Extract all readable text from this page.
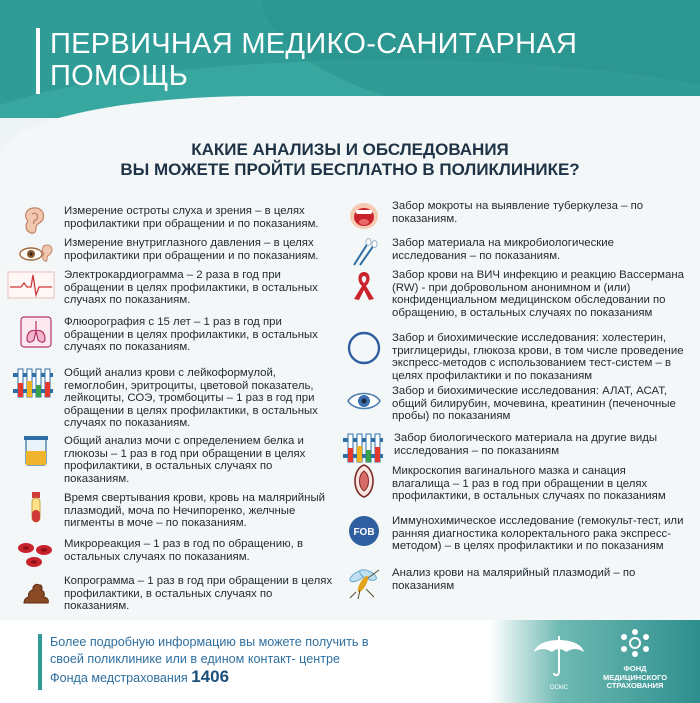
ПЕРВИЧНАЯ МЕДИКО-САНИТАРНАЯ
ПОМОЩЬ
КАКИЕ АНАЛИЗЫ И ОБСЛЕДОВАНИЯ
ВЫ МОЖЕТЕ ПРОЙТИ БЕСПЛАТНО В ПОЛИКЛИНИКЕ?
Измерение остроты слуха и зрения – в целях профилактики при обращении и по показаниям.
Измерение внутриглазного давления – в целях профилактики при обращении и по показаниям.
Электрокардиограмма – 2 раза в год при обращении в целях профилактики, в остальных случаях по показаниям.
Флюорография с 15 лет – 1 раз в год при обращении в целях профилактики, в остальных случаях по показаниям.
Общий анализ крови с лейкоформулой, гемоглобин, эритроциты, цветовой показатель, лейкоциты, СОЭ, тромбоциты – 1 раз в год при обращении в целях профилактики, в остальных случаях по показаниям.
Общий анализ мочи с определением белка и глюкозы – 1 раз в год при обращении в целях профилактики, в остальных случаях по показаниям.
Время свертывания крови, кровь на малярийный плазмодий, моча по Нечипоренко, желчные пигменты в моче – по показаниям.
Микрореакция – 1 раз в год по обращению, в остальных случаях по показаниям.
Копрограмма – 1 раз в год при обращении в целях профилактики, в остальных случаях по показаниям.
Забор мокроты на выявление туберкулеза – по показаниям.
Забор материала на микробиологические исследования – по показаниям.
Забор крови на ВИЧ инфекцию и реакцию Вассермана (RW) - при добровольном анонимном и (или) конфиденциальном медицинском обследовании по обращению, в остальных случаях по показаниям
Забор и биохимические исследования: холестерин, триглицериды, глюкоза крови, в том числе проведение экспресс-методов с использованием тест-систем – в целях профилактики и по показаниям
Забор и биохимические исследования: АЛАТ, АСАТ, общий билирубин, мочевина, креатинин (печеночные пробы) по показаниям
Забор биологического материала на другие виды исследования – по показаниям
Микроскопия вагинального мазка и санация влагалища – 1 раз в год при обращении в целях профилактики, в остальных случаях по показаниям
FOB
Иммунохимическое исследование (гемокульт-тест, или ранняя диагностика колоректального рака экспресс-методом) – в целях профилактики и по показаниям
Анализ крови на малярийный плазмодий – по показаниям
Более подробную информацию вы можете получить в своей поликлинике или в едином контакт- центре Фонда медстрахования 1406
ОСМС
ФОНД
МЕДИЦИНСКОГО
СТРАХОВАНИЯ
